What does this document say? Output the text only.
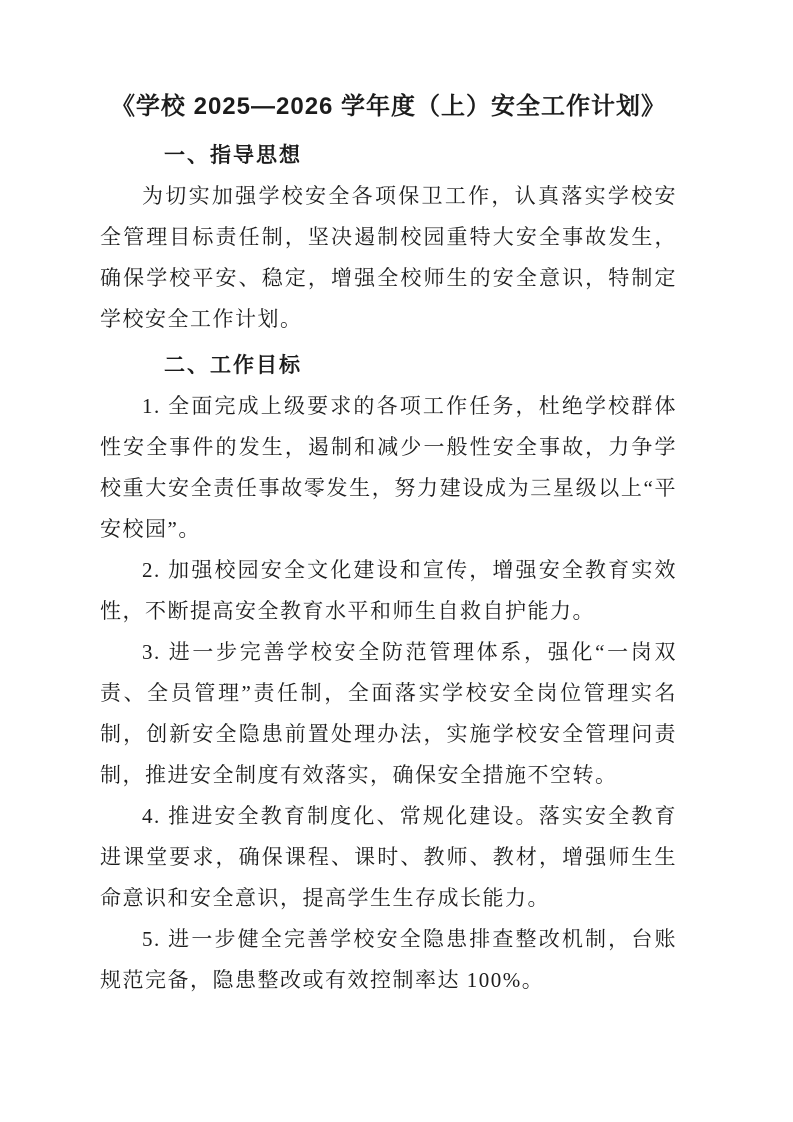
《学校 2025—2026 学年度（上）安全工作计划》
一、指导思想

为切实加强学校安全各项保卫工作，认真落实学校安全管理目标责任制，坚决遏制校园重特大安全事故发生，确保学校平安、稳定，增强全校师生的安全意识，特制定学校安全工作计划。

二、工作目标

1. 全面完成上级要求的各项工作任务，杜绝学校群体性安全事件的发生，遏制和减少一般性安全事故，力争学校重大安全责任事故零发生，努力建设成为三星级以上“平安校园”。

2. 加强校园安全文化建设和宣传，增强安全教育实效性，不断提高安全教育水平和师生自救自护能力。

3. 进一步完善学校安全防范管理体系，强化“一岗双责、全员管理”责任制，全面落实学校安全岗位管理实名制，创新安全隐患前置处理办法，实施学校安全管理问责制，推进安全制度有效落实，确保安全措施不空转。

4. 推进安全教育制度化、常规化建设。落实安全教育进课堂要求，确保课程、课时、教师、教材，增强师生生命意识和安全意识，提高学生生存成长能力。

5. 进一步健全完善学校安全隐患排查整改机制，台账规范完备，隐患整改或有效控制率达 100%。
